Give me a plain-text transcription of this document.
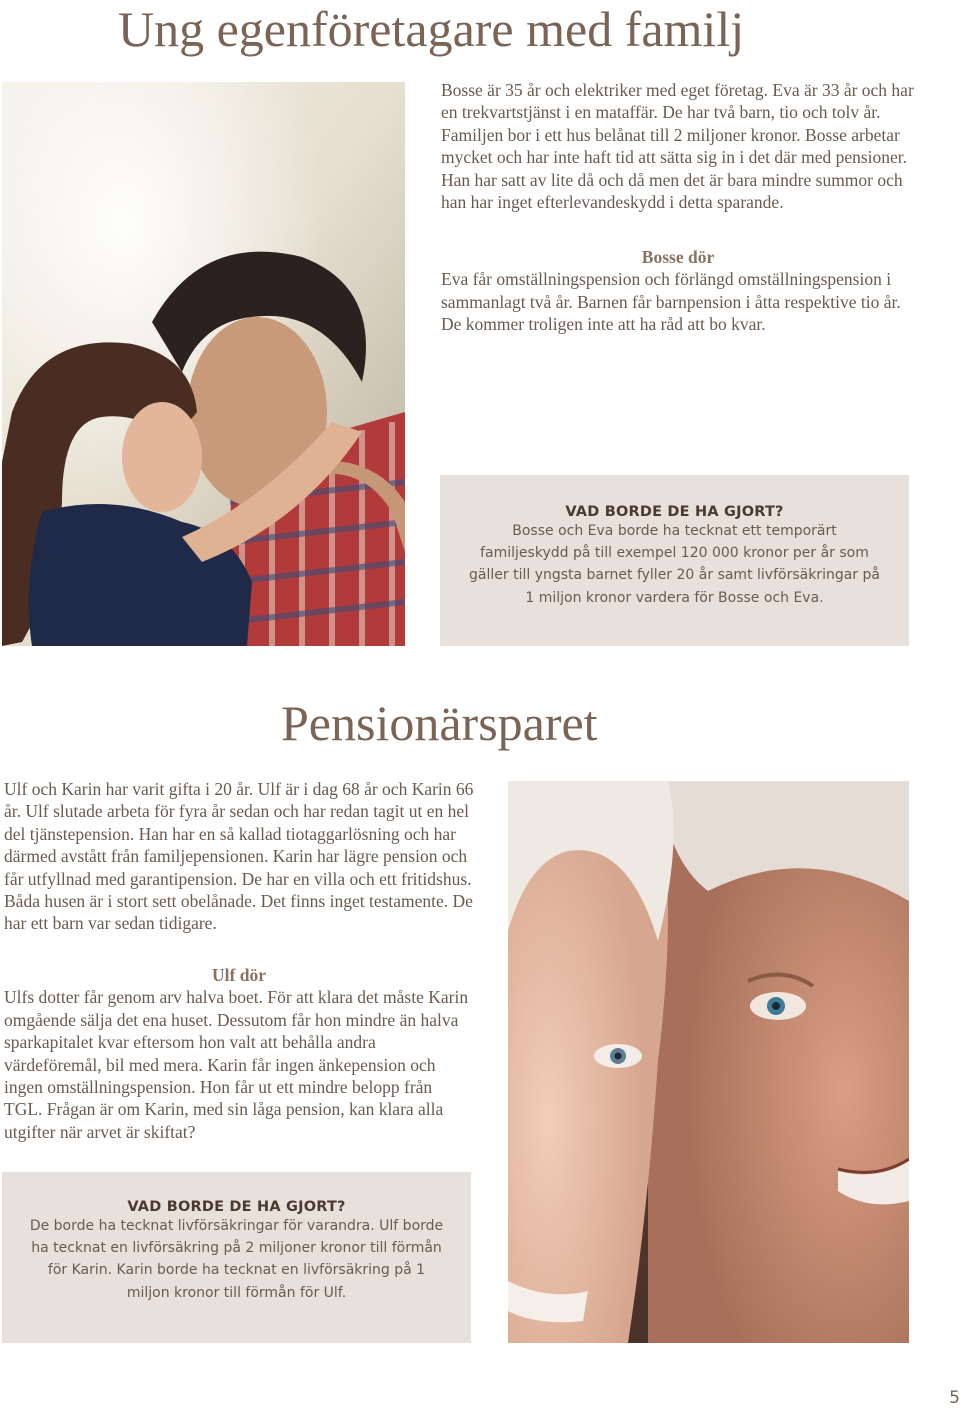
Ung egenföretagare med familj

Bosse är 35 år och elektriker med eget företag. Eva är 33 år och har en trekvartstjänst i en mataffär. De har två barn, tio och tolv år. Familjen bor i ett hus belånat till 2 miljoner kronor. Bosse arbetar mycket och har inte haft tid att sätta sig in i det där med pensioner. Han har satt av lite då och då men det är bara mindre summor och han har inget efterlevandeskydd i detta sparande.

Bosse dör
Eva får omställningspension och förlängd omställningspension i sammanlagt två år. Barnen får barnpension i åtta respektive tio år. De kommer troligen inte att ha råd att bo kvar.

VAD BORDE DE HA GJORT?
Bosse och Eva borde ha tecknat ett temporärt familjeskydd på till exempel 120 000 kronor per år som gäller till yngsta barnet fyller 20 år samt livförsäkringar på 1 miljon kronor vardera för Bosse och Eva.
Pensionärsparet

Ulf och Karin har varit gifta i 20 år. Ulf är i dag 68 år och Karin 66 år. Ulf slutade arbeta för fyra år sedan och har redan tagit ut en hel del tjänstepension. Han har en så kallad tiotaggarlösning och har därmed avstått från familjepensionen. Karin har lägre pension och får utfyllnad med garantipension. De har en villa och ett fritidshus. Båda husen är i stort sett obelånade. Det finns inget testamente. De har ett barn var sedan tidigare.

Ulf dör
Ulfs dotter får genom arv halva boet. För att klara det måste Karin omgående sälja det ena huset. Dessutom får hon mindre än halva sparkapitalet kvar eftersom hon valt att behålla andra värdeföremål, bil med mera. Karin får ingen änkepension och ingen omställningspension. Hon får ut ett mindre belopp från TGL. Frågan är om Karin, med sin låga pension, kan klara alla utgifter när arvet är skiftat?

VAD BORDE DE HA GJORT?
De borde ha tecknat livförsäkringar för varandra. Ulf borde ha tecknat en livförsäkring på 2 miljoner kronor till förmån för Karin. Karin borde ha tecknat en livförsäkring på 1 miljon kronor till förmån för Ulf.
5
